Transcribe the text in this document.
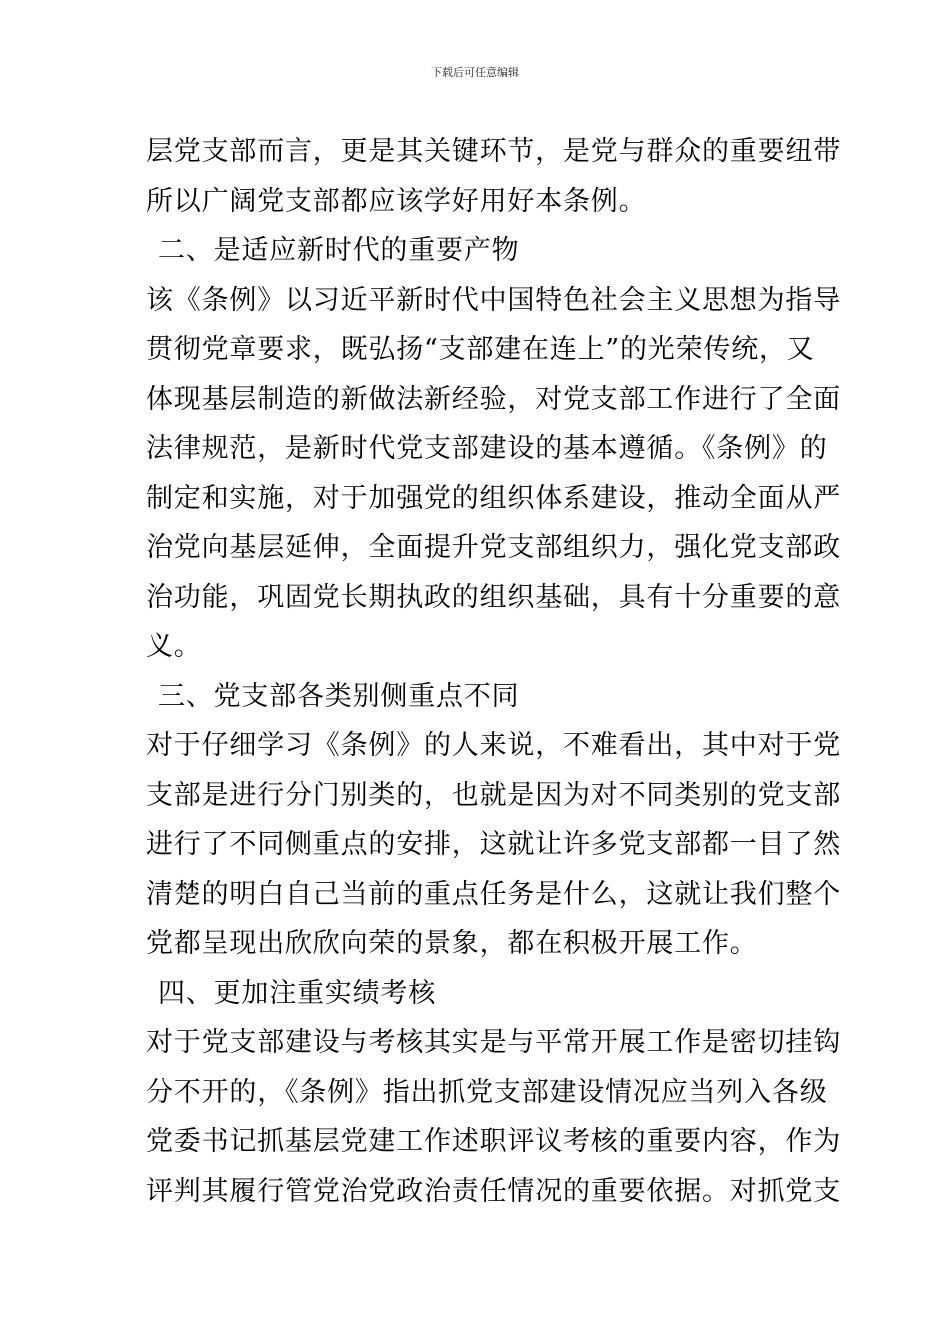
下载后可任意编辑
层党支部而言，更是其关键环节，是党与群众的重要纽带
所以广阔党支部都应该学好用好本条例。
二、是适应新时代的重要产物
该《条例》以习近平新时代中国特色社会主义思想为指导
贯彻党章要求，既弘扬“支部建在连上”的光荣传统，又
体现基层制造的新做法新经验，对党支部工作进行了全面
法律规范，是新时代党支部建设的基本遵循。《条例》的
制定和实施，对于加强党的组织体系建设，推动全面从严
治党向基层延伸，全面提升党支部组织力，强化党支部政
治功能，巩固党长期执政的组织基础，具有十分重要的意
义。
三、党支部各类别侧重点不同
对于仔细学习《条例》的人来说，不难看出，其中对于党
支部是进行分门别类的，也就是因为对不同类别的党支部
进行了不同侧重点的安排，这就让许多党支部都一目了然
清楚的明白自己当前的重点任务是什么，这就让我们整个
党都呈现出欣欣向荣的景象，都在积极开展工作。
四、更加注重实绩考核
对于党支部建设与考核其实是与平常开展工作是密切挂钩
分不开的，《条例》指出抓党支部建设情况应当列入各级
党委书记抓基层党建工作述职评议考核的重要内容，作为
评判其履行管党治党政治责任情况的重要依据。对抓党支
